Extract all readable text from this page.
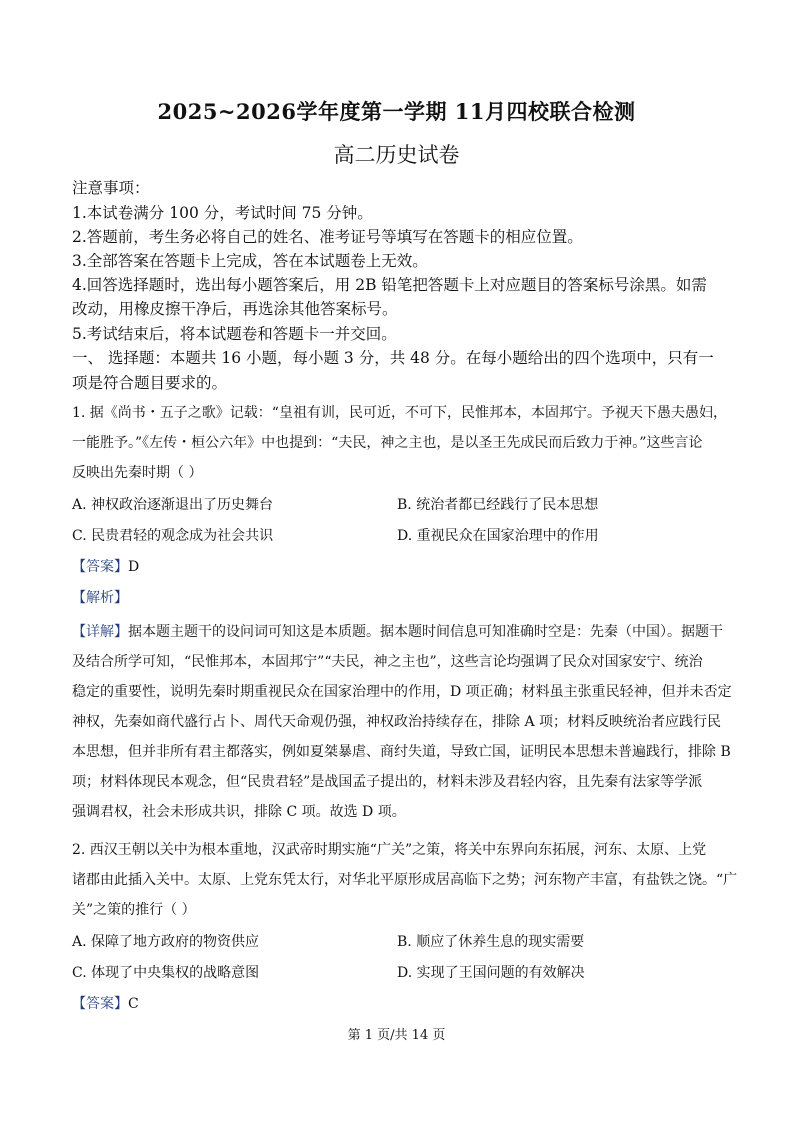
2025~2026学年度第一学期 11月四校联合检测
高二历史试卷
注意事项：
1.本试卷满分 100 分，考试时间 75 分钟。
2.答题前，考生务必将自己的姓名、准考证号等填写在答题卡的相应位置。
3.全部答案在答题卡上完成，答在本试题卷上无效。
4.回答选择题时，选出每小题答案后，用 2B 铅笔把答题卡上对应题目的答案标号涂黑。如需
改动，用橡皮擦干净后，再选涂其他答案标号。
5.考试结束后，将本试题卷和答题卡一并交回。
一、 选择题：本题共 16 小题，每小题 3 分，共 48 分。在每小题给出的四个选项中，只有一
项是符合题目要求的。
1. 据《尚书・五子之歌》记载：“皇祖有训，民可近，不可下，民惟邦本，本固邦宁。予视天下愚夫愚妇，
一能胜予。”《左传・桓公六年》中也提到：“夫民，神之主也，是以圣王先成民而后致力于神。”这些言论
反映出先秦时期（ ）
A. 神权政治逐渐退出了历史舞台	B. 统治者都已经践行了民本思想
C. 民贵君轻的观念成为社会共识	D. 重视民众在国家治理中的作用
【答案】D
【解析】
【详解】据本题主题干的设问词可知这是本质题。据本题时间信息可知准确时空是：先秦（中国）。据题干
及结合所学可知，“民惟邦本，本固邦宁”“夫民，神之主也”，这些言论均强调了民众对国家安宁、统治
稳定的重要性，说明先秦时期重视民众在国家治理中的作用，D 项正确；材料虽主张重民轻神，但并未否定
神权，先秦如商代盛行占卜、周代天命观仍强，神权政治持续存在，排除 A 项；材料反映统治者应践行民
本思想，但并非所有君主都落实，例如夏桀暴虐、商纣失道，导致亡国，证明民本思想未普遍践行，排除 B
项；材料体现民本观念，但“民贵君轻”是战国孟子提出的，材料未涉及君轻内容，且先秦有法家等学派
强调君权，社会未形成共识，排除 C 项。故选 D 项。
2. 西汉王朝以关中为根本重地，汉武帝时期实施“广关”之策，将关中东界向东拓展，河东、太原、上党
诸郡由此插入关中。太原、上党东凭太行，对华北平原形成居高临下之势；河东物产丰富，有盐铁之饶。“广
关”之策的推行（ ）
A. 保障了地方政府的物资供应	B. 顺应了休养生息的现实需要
C. 体现了中央集权的战略意图	D. 实现了王国问题的有效解决
【答案】C
第 1 页/共 14 页
